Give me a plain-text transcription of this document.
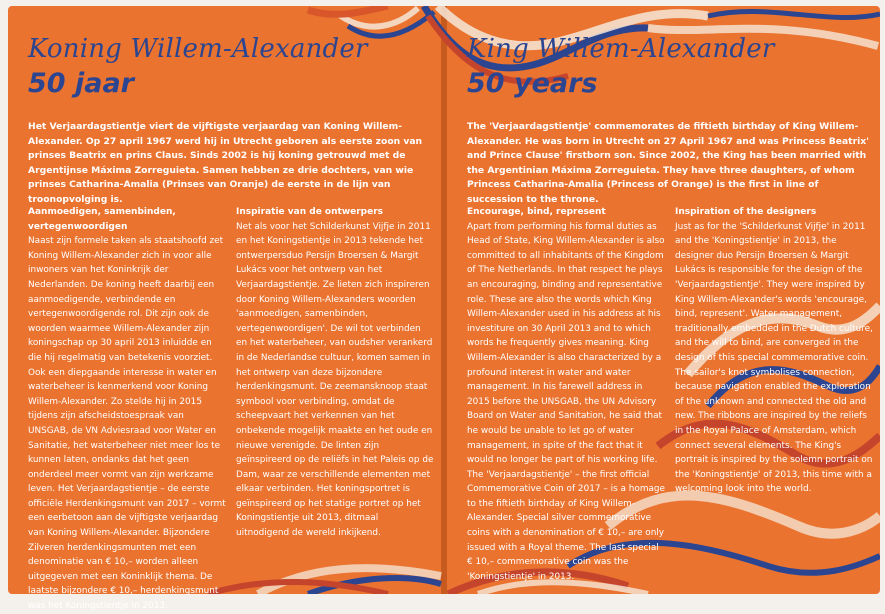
Koning Willem-Alexander
50 jaar

Het Verjaardagstientje viert de vijftigste verjaardag van Koning Willem-Alexander. Op 27 april 1967 werd hij in Utrecht geboren als eerste zoon van prinses Beatrix en prins Claus. Sinds 2002 is hij koning getrouwd met de Argentijnse Máxima Zorreguieta. Samen hebben ze drie dochters, van wie prinses Catharina-Amalia (Prinses van Oranje) de eerste in de lijn van troonopvolging is.

Aanmoedigen, samenbinden, vertegenwoordigen

Naast zijn formele taken als staatshoofd zet Koning Willem-Alexander zich in voor alle inwoners van het Koninkrijk der Nederlanden. De koning heeft daarbij een aanmoedigende, verbindende en vertegenwoordigende rol. Dit zijn ook de woorden waarmee Willem-Alexander zijn koningschap op 30 april 2013 inluidde en die hij regelmatig van betekenis voorziet. Ook een diepgaande interesse in water en waterbeheer is kenmerkend voor Koning Willem-Alexander. Zo stelde hij in 2015 tijdens zijn afscheidstoespraak van UNSGAB, de VN Adviesraad voor Water en Sanitatie, het waterbeheer niet meer los te kunnen laten, ondanks dat het geen onderdeel meer vormt van zijn werkzame leven. Het Verjaardagstientje – de eerste officiële Herdenkingsmunt van 2017 – vormt een eerbetoon aan de vijftigste verjaardag van Koning Willem-Alexander. Bijzondere Zilveren herdenkingsmunten met een denominatie van € 10,– worden alleen uitgegeven met een Koninklijk thema. De laatste bijzondere € 10,– herdenkingsmunt was het Koningstientje in 2013.

Inspiratie van de ontwerpers

Net als voor het Schilderkunst Vijfje in 2011 en het Koningstientje in 2013 tekende het ontwerpersduo Persijn Broersen & Margit Lukács voor het ontwerp van het Verjaardagstientje. Ze lieten zich inspireren door Koning Willem-Alexanders woorden 'aanmoedigen, samenbinden, vertegenwoordigen'. De wil tot verbinden en het waterbeheer, van oudsher verankerd in de Nederlandse cultuur, komen samen in het ontwerp van deze bijzondere herdenkingsmunt. De zeemansknoop staat symbool voor verbinding, omdat de scheepvaart het verkennen van het onbekende mogelijk maakte en het oude en nieuwe verenigde. De linten zijn geïnspireerd op de reliëfs in het Paleis op de Dam, waar ze verschillende elementen met elkaar verbinden. Het koningsportret is geïnspireerd op het statige portret op het Koningstientje uit 2013, ditmaal uitnodigend de wereld inkijkend.

King Willem-Alexander
50 years

The 'Verjaardagstientje' commemorates de fiftieth birthday of King Willem-Alexander. He was born in Utrecht on 27 April 1967 and was Princess Beatrix' and Prince Clause' firstborn son. Since 2002, the King has been married with the Argentinian Máxima Zorreguieta. They have three daughters, of whom Princess Catharina-Amalia (Princess of Orange) is the first in line of succession to the throne.

Encourage, bind, represent

Apart from performing his formal duties as Head of State, King Willem-Alexander is also committed to all inhabitants of the Kingdom of The Netherlands. In that respect he plays an encouraging, binding and representative role. These are also the words which King Willem-Alexander used in his address at his investiture on 30 April 2013 and to which words he frequently gives meaning. King Willem-Alexander is also characterized by a profound interest in water and water management. In his farewell address in 2015 before the UNSGAB, the UN Advisory Board on Water and Sanitation, he said that he would be unable to let go of water management, in spite of the fact that it would no longer be part of his working life. The 'Verjaardagstientje' – the first official Commemorative Coin of 2017 – is a homage to the fiftieth birthday of King Willem-Alexander. Special silver commemorative coins with a denomination of € 10,– are only issued with a Royal theme. The last special € 10,– commemorative coin was the 'Koningstientje' in 2013.

Inspiration of the designers

Just as for the 'Schilderkunst Vijfje' in 2011 and the 'Koningstientje' in 2013, the designer duo Persijn Broersen & Margit Lukács is responsible for the design of the 'Verjaardagstientje'. They were inspired by King Willem-Alexander's words 'encourage, bind, represent'. Water management, traditionally embedded in the Dutch culture, and the will to bind, are converged in the design of this special commemorative coin. The sailor's knot symbolises connection, because navigation enabled the exploration of the unknown and connected the old and new. The ribbons are inspired by the reliefs in the Royal Palace of Amsterdam, which connect several elements. The King's portrait is inspired by the solemn portrait on the 'Koningstientje' of 2013, this time with a welcoming look into the world.
